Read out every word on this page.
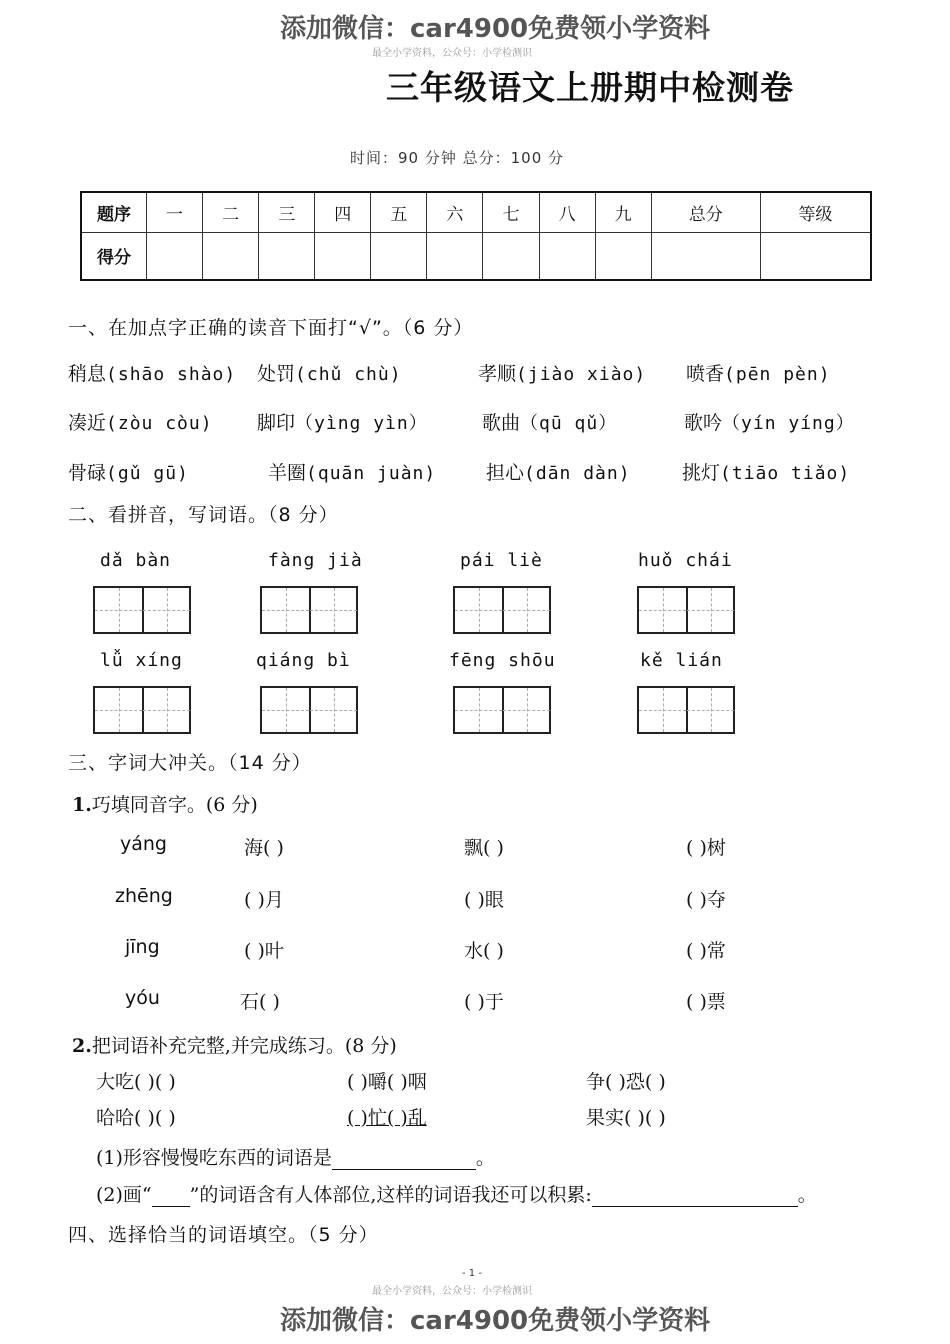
添加微信：car4900免费领小学资料
最全小学资料，公众号：小学检测识
三年级语文上册期中检测卷
时间：90 分钟 总分：100 分
题序	一	二	三	四	五	六	七	八	九	总分	等级
得分											
一、在加点字正确的读音下面打“√”。（6 分）
稍息(shāo shào) 处罚(chǔ chù)	孝顺(jiào xiào) 喷香(pēn pèn)
凑近(zòu còu) 脚印（yìng yìn）	歌曲（qū qǔ）	歌吟（yín yíng）
骨碌(gǔ gū)	羊圈(quān juàn)	担心(dān dàn)	挑灯(tiāo tiǎo)
二、看拼音，写词语。（8 分）
dǎ bàn	fàng jià	pái liè	huǒ chái
lǚ xíng	qiáng bì	fēng shōu	kě lián
三、字词大冲关。（14 分）
1.巧填同音字。(6 分)
yáng	海( )	飘( )	( )树
zhēng	( )月	( )眼	( )夺
jīng	( )叶	水( )	( )常
yóu	石( )	( )于	( )票
2.把词语补充完整,并完成练习。(8 分)
大吃( )( )	( )嚼( )咽	争( )恐( )
哈哈( )( )	( )忙( )乱	果实( )( )
(1)形容慢慢吃东西的词语是	。
(2)画“ ”的词语含有人体部位,这样的词语我还可以积累:	。
四、选择恰当的词语填空。（5 分）
- 1 -
最全小学资料，公众号：小学检测识
添加微信：car4900免费领小学资料
